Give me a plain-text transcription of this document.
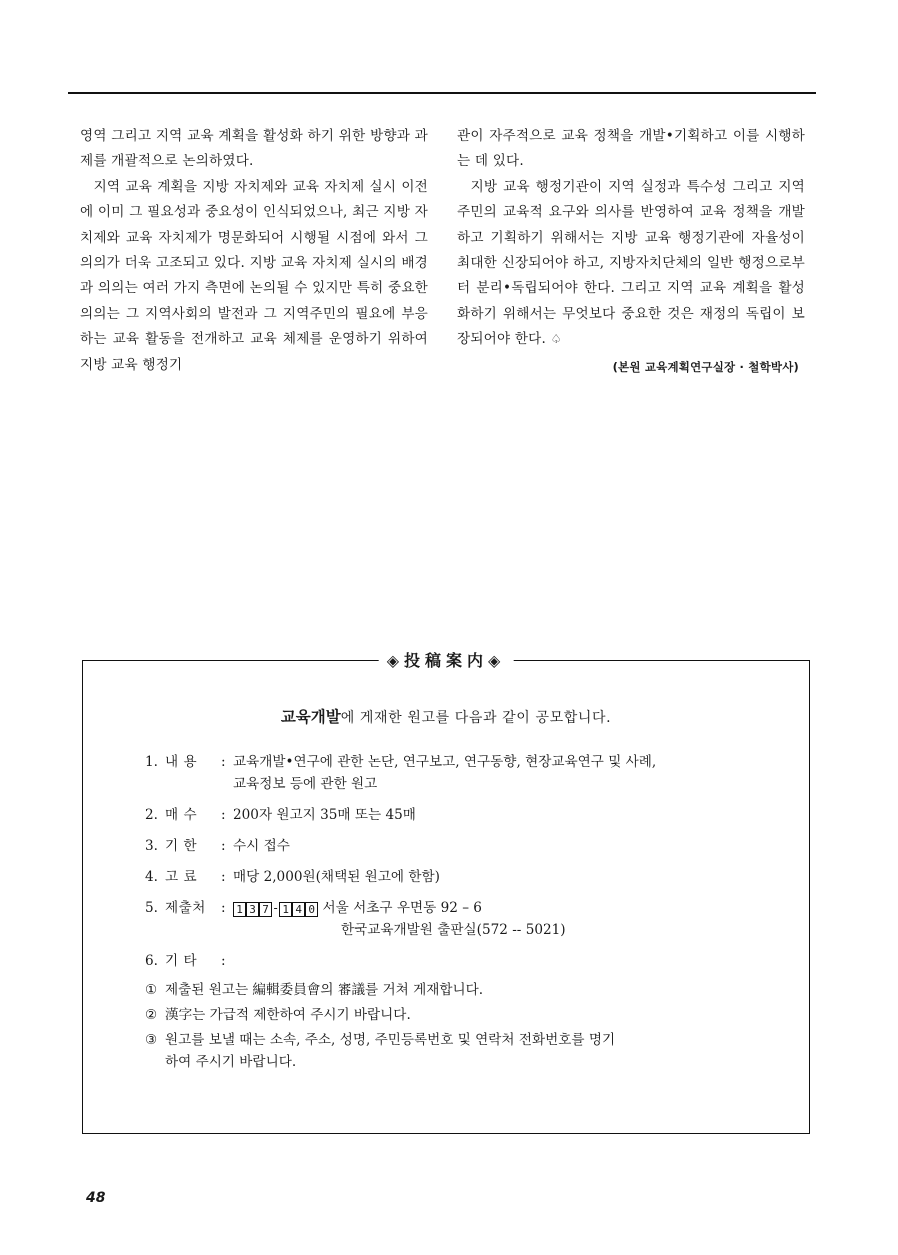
영역 그리고 지역 교육 계획을 활성화 하기 위한 방향과 과제를 개괄적으로 논의하였다.

지역 교육 계획을 지방 자치제와 교육 자치제 실시 이전에 이미 그 필요성과 중요성이 인식되었으나, 최근 지방 자치제와 교육 자치제가 명문화되어 시행될 시점에 와서 그 의의가 더욱 고조되고 있다. 지방 교육 자치제 실시의 배경과 의의는 여러 가지 측면에 논의될 수 있지만 특히 중요한 의의는 그 지역사회의 발전과 그 지역주민의 필요에 부응하는 교육 활동을 전개하고 교육 체제를 운영하기 위하여 지방 교육 행정기

관이 자주적으로 교육 정책을 개발•기획하고 이를 시행하는 데 있다.

지방 교육 행정기관이 지역 실정과 특수성 그리고 지역 주민의 교육적 요구와 의사를 반영하여 교육 정책을 개발하고 기획하기 위해서는 지방 교육 행정기관에 자율성이 최대한 신장되어야 하고, 지방자치단체의 일반 행정으로부터 분리•독립되어야 한다. 그리고 지역 교육 계획을 활성화하기 위해서는 무엇보다 중요한 것은 재정의 독립이 보장되어야 한다. ♤

(본원 교육계획연구실장 · 철학박사)
◈投稿案内◈
교육개발에 게재한 원고를 다음과 같이 공모합니다.
1. 내 용	: 교육개발•연구에 관한 논단, 연구보고, 연구동향, 현장교육연구 및 사례,
교육정보 등에 관한 원고
2. 매 수	: 200자 원고지 35매 또는 45매
3. 기 한	: 수시 접수
4. 고 료	: 매당 2,000원(채택된 원고에 한함)
5. 제출처	: 1 3 7 - 1 4 0 서울 서초구 우면동 92 – 6
한국교육개발원 출판실(572 -- 5021)
6. 기 타	:
① 제출된 원고는 編輯委員會의 審議를 거쳐 게재합니다.
② 漢字는 가급적 제한하여 주시기 바랍니다.
③ 원고를 보낼 때는 소속, 주소, 성명, 주민등록번호 및 연락처 전화번호를 명기
하여 주시기 바랍니다.
48
